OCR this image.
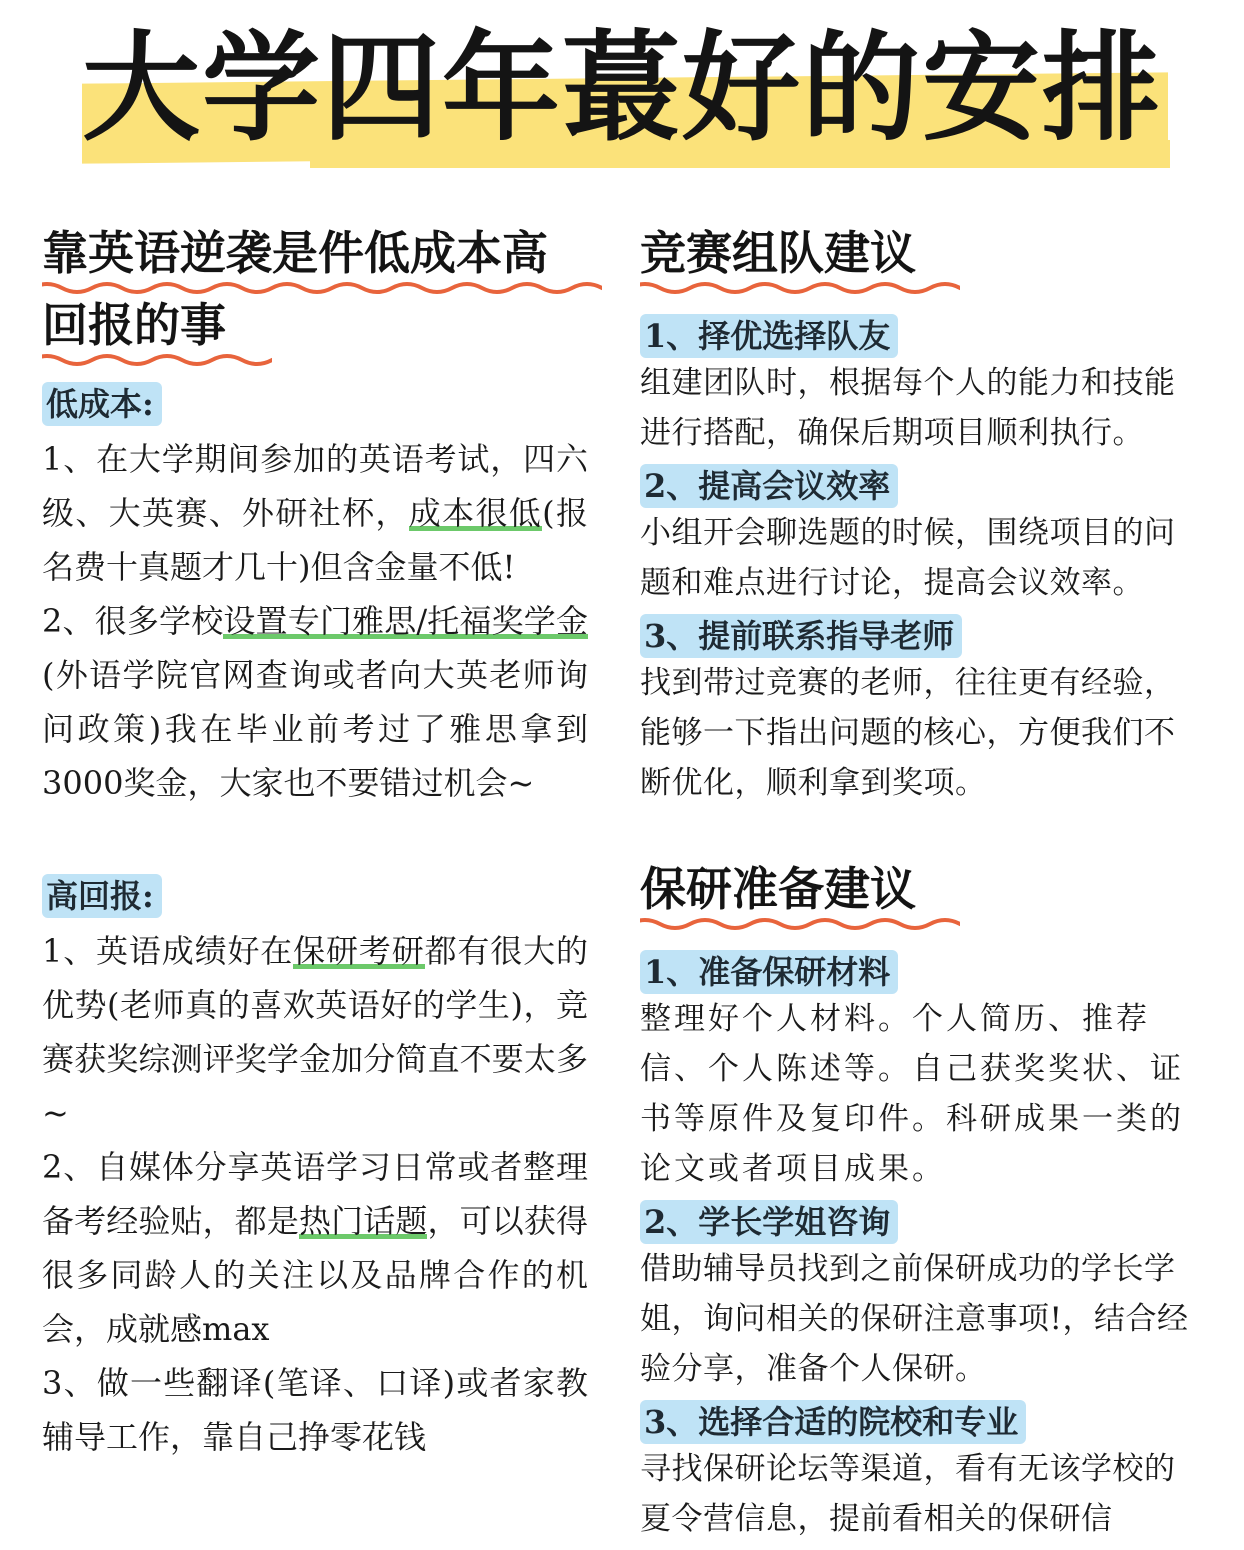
大学四年蕞好的安排
靠英语逆袭是件低成本高
回报的事
低成本:

1、在大学期间参加的英语考试，四六级、大英赛、外研社杯，成本很低(报名费十真题才几十)但含金量不低!

2、很多学校设置专门雅思/托福奖学金(外语学院官网查询或者向大英老师询问政策)我在毕业前考过了雅思拿到3000奖金，大家也不要错过机会~

高回报:

1、英语成绩好在保研考研都有很大的优势(老师真的喜欢英语好的学生)，竞赛获奖综测评奖学金加分简直不要太多~

2、自媒体分享英语学习日常或者整理备考经验贴，都是热门话题，可以获得很多同龄人的关注以及品牌合作的机会，成就感max

3、做一些翻译(笔译、口译)或者家教辅导工作，靠自己挣零花钱

竞赛组队建议
1、择优选择队友

组建团队时，根据每个人的能力和技能进行搭配，确保后期项目顺利执行。

2、提高会议效率

小组开会聊选题的时候，围绕项目的问题和难点进行讨论，提高会议效率。

3、提前联系指导老师

找到带过竞赛的老师，往往更有经验，能够一下指出问题的核心，方便我们不断优化，顺利拿到奖项。

保研准备建议
1、准备保研材料

整理好个人材料。个人简历、推荐信、个人陈述等。自己获奖奖状、证书等原件及复印件。科研成果一类的论文或者项目成果。

2、学长学姐咨询

借助辅导员找到之前保研成功的学长学姐，询问相关的保研注意事项!，结合经验分享，准备个人保研。

3、选择合适的院校和专业

寻找保研论坛等渠道，看有无该学校的夏令营信息，提前看相关的保研信
